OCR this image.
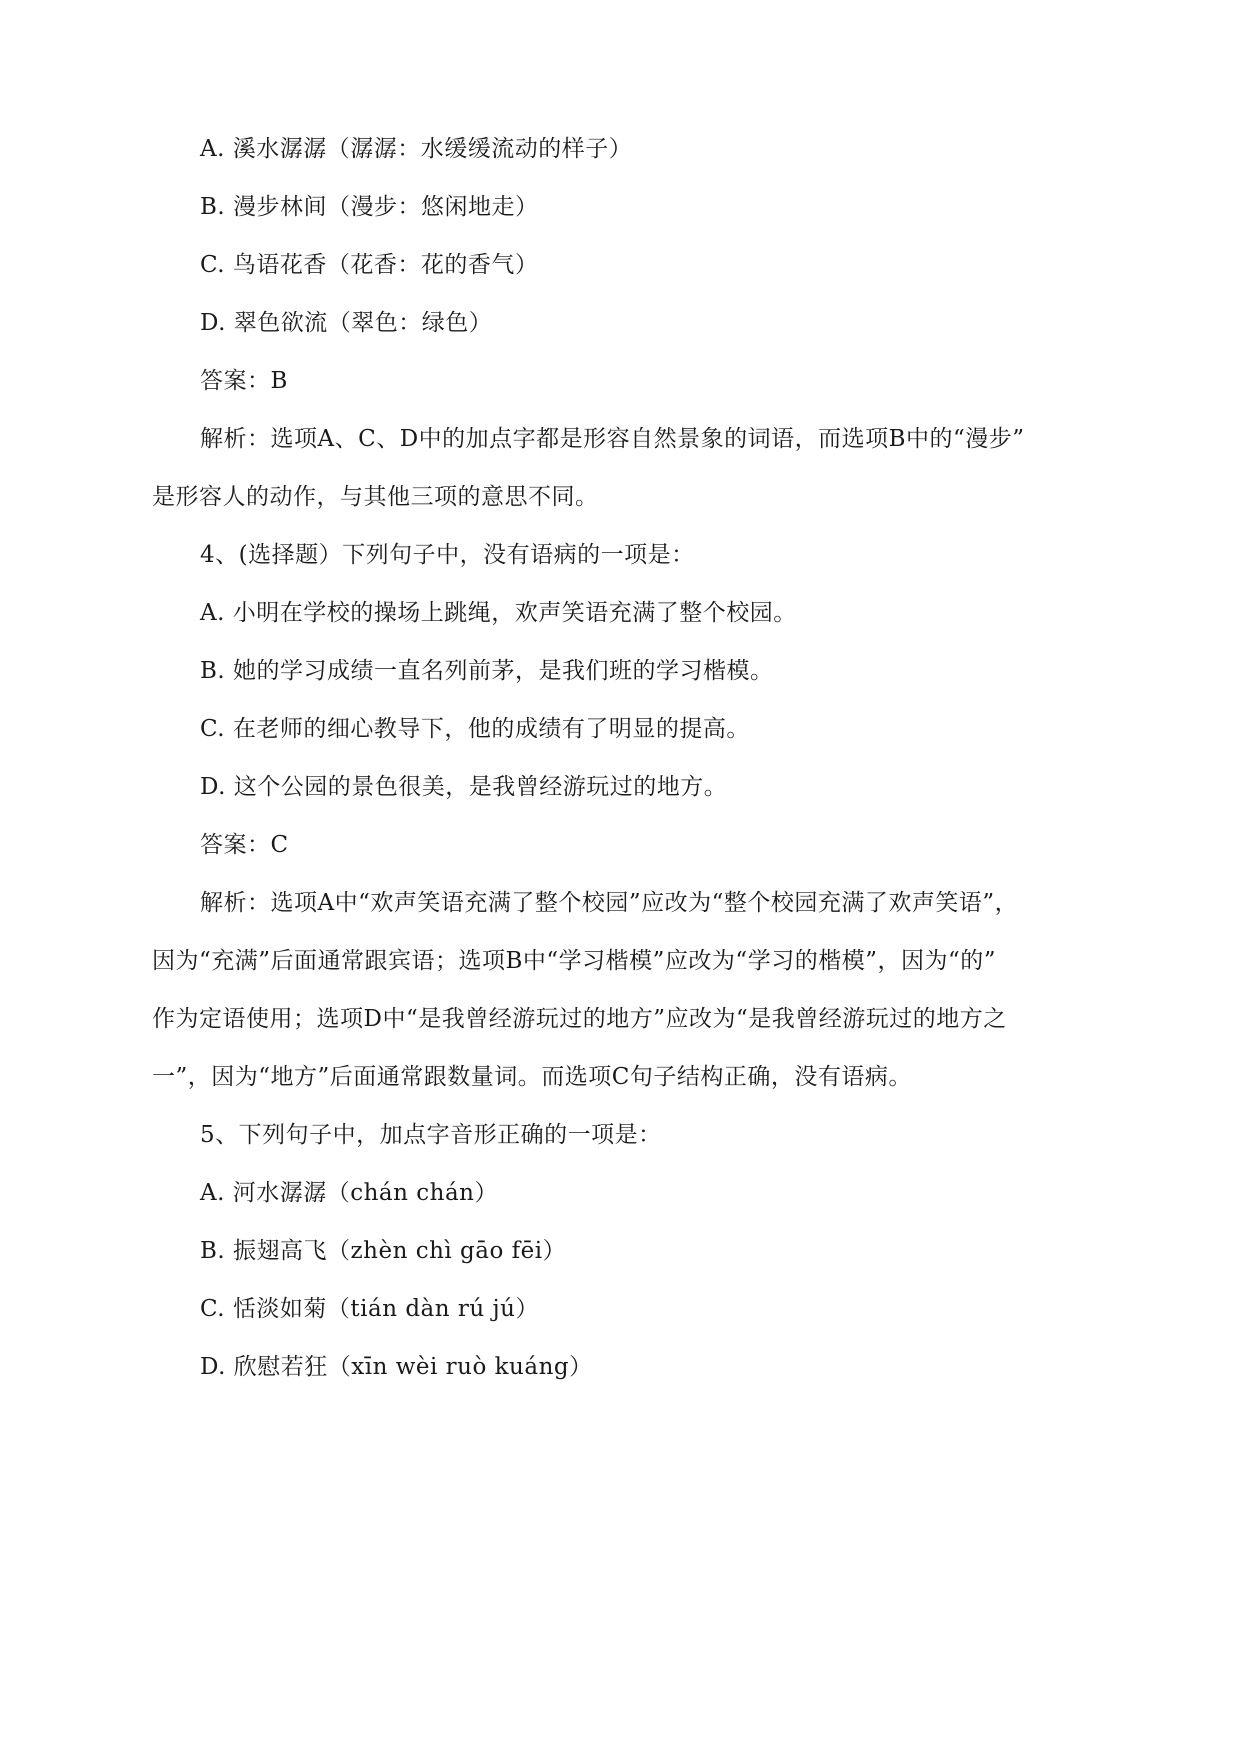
A. 溪水潺潺（潺潺：水缓缓流动的样子）
B. 漫步林间（漫步：悠闲地走）
C. 鸟语花香（花香：花的香气）
D. 翠色欲流（翠色：绿色）
答案：B
解析：选项A、C、D中的加点字都是形容自然景象的词语，而选项B中的“漫步”
是形容人的动作，与其他三项的意思不同。
4、(选择题）下列句子中，没有语病的一项是：
A. 小明在学校的操场上跳绳，欢声笑语充满了整个校园。
B. 她的学习成绩一直名列前茅，是我们班的学习楷模。
C. 在老师的细心教导下，他的成绩有了明显的提高。
D. 这个公园的景色很美，是我曾经游玩过的地方。
答案：C
解析：选项A中“欢声笑语充满了整个校园”应改为“整个校园充满了欢声笑语”，
因为“充满”后面通常跟宾语；选项B中“学习楷模”应改为“学习的楷模”，因为“的”
作为定语使用；选项D中“是我曾经游玩过的地方”应改为“是我曾经游玩过的地方之
一”，因为“地方”后面通常跟数量词。而选项C句子结构正确，没有语病。
5、下列句子中，加点字音形正确的一项是：
A. 河水潺潺（chán chán）
B. 振翅高飞（zhèn chì gāo fēi）
C. 恬淡如菊（tián dàn rú jú）
D. 欣慰若狂（xīn wèi ruò kuáng）
